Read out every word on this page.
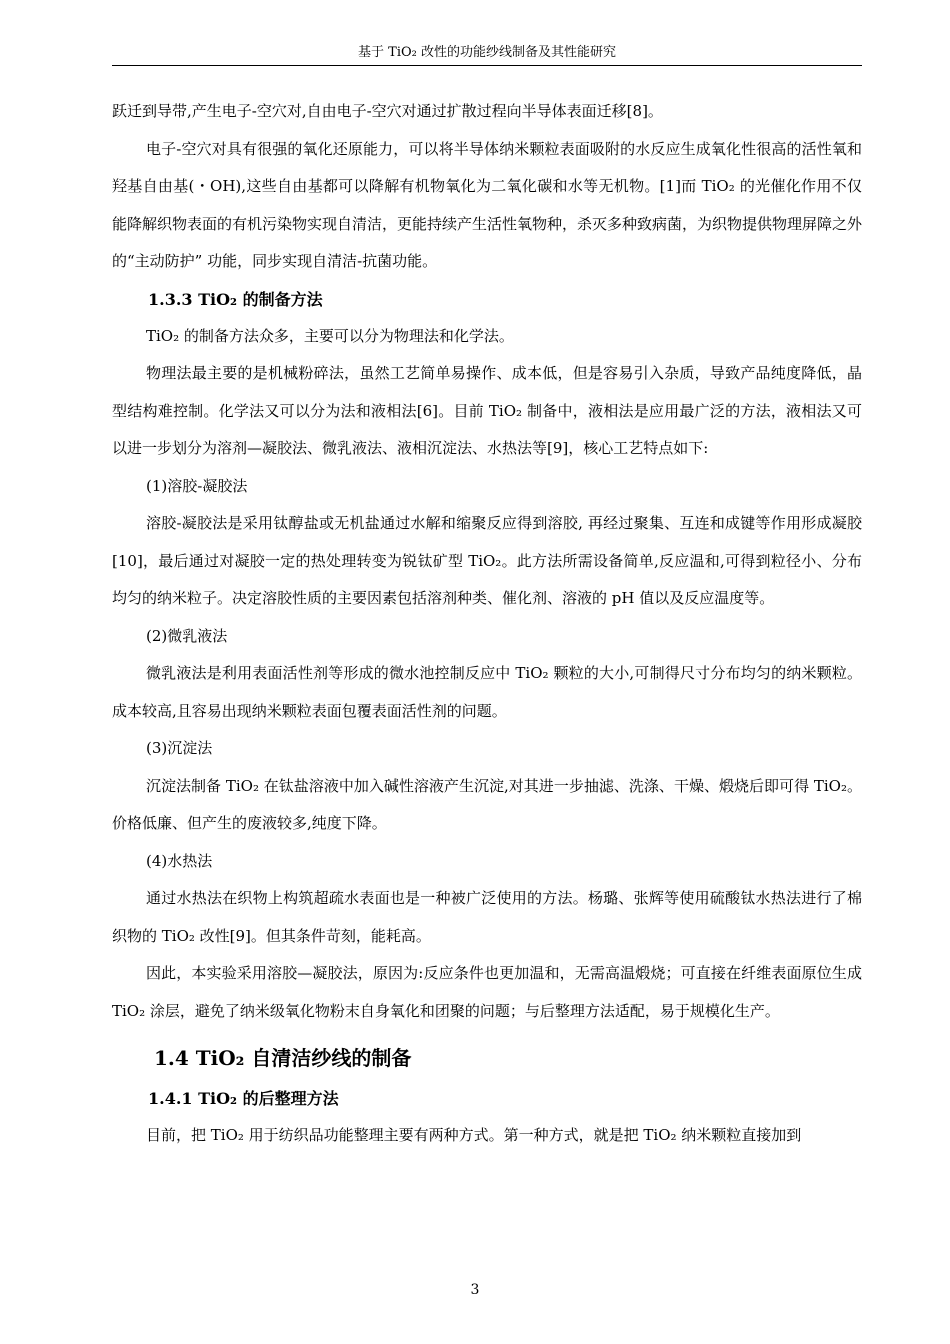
基于 TiO₂ 改性的功能纱线制备及其性能研究

跃迁到导带,产生电子-空穴对,自由电子-空穴对通过扩散过程向半导体表面迁移[8]。

电子-空穴对具有很强的氧化还原能力，可以将半导体纳米颗粒表面吸附的水反应生成氧化性很高的活性氧和羟基自由基(・OH),这些自由基都可以降解有机物氧化为二氧化碳和水等无机物。[1]而 TiO₂ 的光催化作用不仅能降解织物表面的有机污染物实现自清洁，更能持续产生活性氧物种，杀灭多种致病菌，为织物提供物理屏障之外的“主动防护” 功能，同步实现自清洁-抗菌功能。

1.3.3 TiO₂ 的制备方法

TiO₂ 的制备方法众多，主要可以分为物理法和化学法。

物理法最主要的是机械粉碎法，虽然工艺简单易操作、成本低，但是容易引入杂质，导致产品纯度降低，晶型结构难控制。化学法又可以分为法和液相法[6]。目前 TiO₂ 制备中，液相法是应用最广泛的方法，液相法又可以进一步划分为溶剂—凝胶法、微乳液法、液相沉淀法、水热法等[9]，核心工艺特点如下:

(1)溶胶-凝胶法

溶胶-凝胶法是采用钛醇盐或无机盐通过水解和缩聚反应得到溶胶, 再经过聚集、互连和成键等作用形成凝胶[10]，最后通过对凝胶一定的热处理转变为锐钛矿型 TiO₂。此方法所需设备简单,反应温和,可得到粒径小、分布均匀的纳米粒子。决定溶胶性质的主要因素包括溶剂种类、催化剂、溶液的 pH 值以及反应温度等。

(2)微乳液法

微乳液法是利用表面活性剂等形成的微水池控制反应中 TiO₂ 颗粒的大小,可制得尺寸分布均匀的纳米颗粒。成本较高,且容易出现纳米颗粒表面包覆表面活性剂的问题。

(3)沉淀法

沉淀法制备 TiO₂ 在钛盐溶液中加入碱性溶液产生沉淀,对其进一步抽滤、洗涤、干燥、煅烧后即可得 TiO₂。价格低廉、但产生的废液较多,纯度下降。

(4)水热法

通过水热法在织物上构筑超疏水表面也是一种被广泛使用的方法。杨璐、张辉等使用硫酸钛水热法进行了棉织物的 TiO₂ 改性[9]。但其条件苛刻，能耗高。

因此，本实验采用溶胶—凝胶法，原因为:反应条件也更加温和，无需高温煅烧；可直接在纤维表面原位生成 TiO₂ 涂层，避免了纳米级氧化物粉末自身氧化和团聚的问题；与后整理方法适配，易于规模化生产。

1.4 TiO₂ 自清洁纱线的制备
1.4.1 TiO₂ 的后整理方法

目前，把 TiO₂ 用于纺织品功能整理主要有两种方式。第一种方式，就是把 TiO₂ 纳米颗粒直接加到

3
